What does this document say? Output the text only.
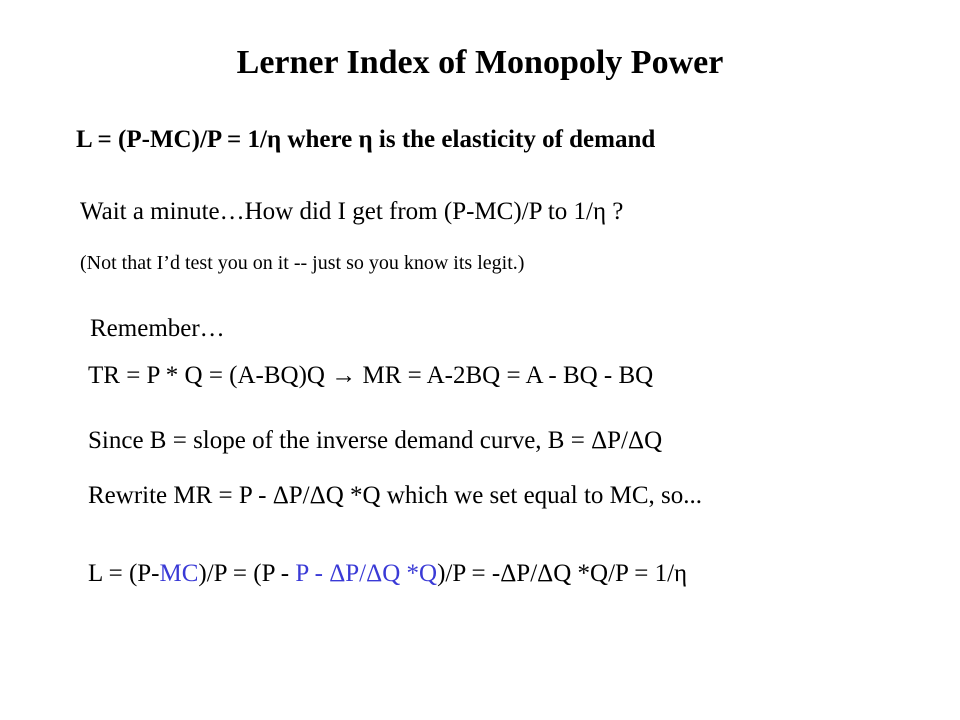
Lerner Index of Monopoly Power
L = (P-MC)/P = 1/η where η is the elasticity of demand
Wait a minute…How did I get from (P-MC)/P to 1/η ?
(Not that I’d test you on it -- just so you know its legit.)
Remember…
TR = P * Q = (A-BQ)Q → MR = A-2BQ = A - BQ - BQ
Since B = slope of the inverse demand curve, B = ΔP/ΔQ
Rewrite MR = P - ΔP/ΔQ *Q which we set equal to MC, so...
L = (P-MC)/P = (P - P - ΔP/ΔQ *Q)/P = -ΔP/ΔQ *Q/P = 1/η
